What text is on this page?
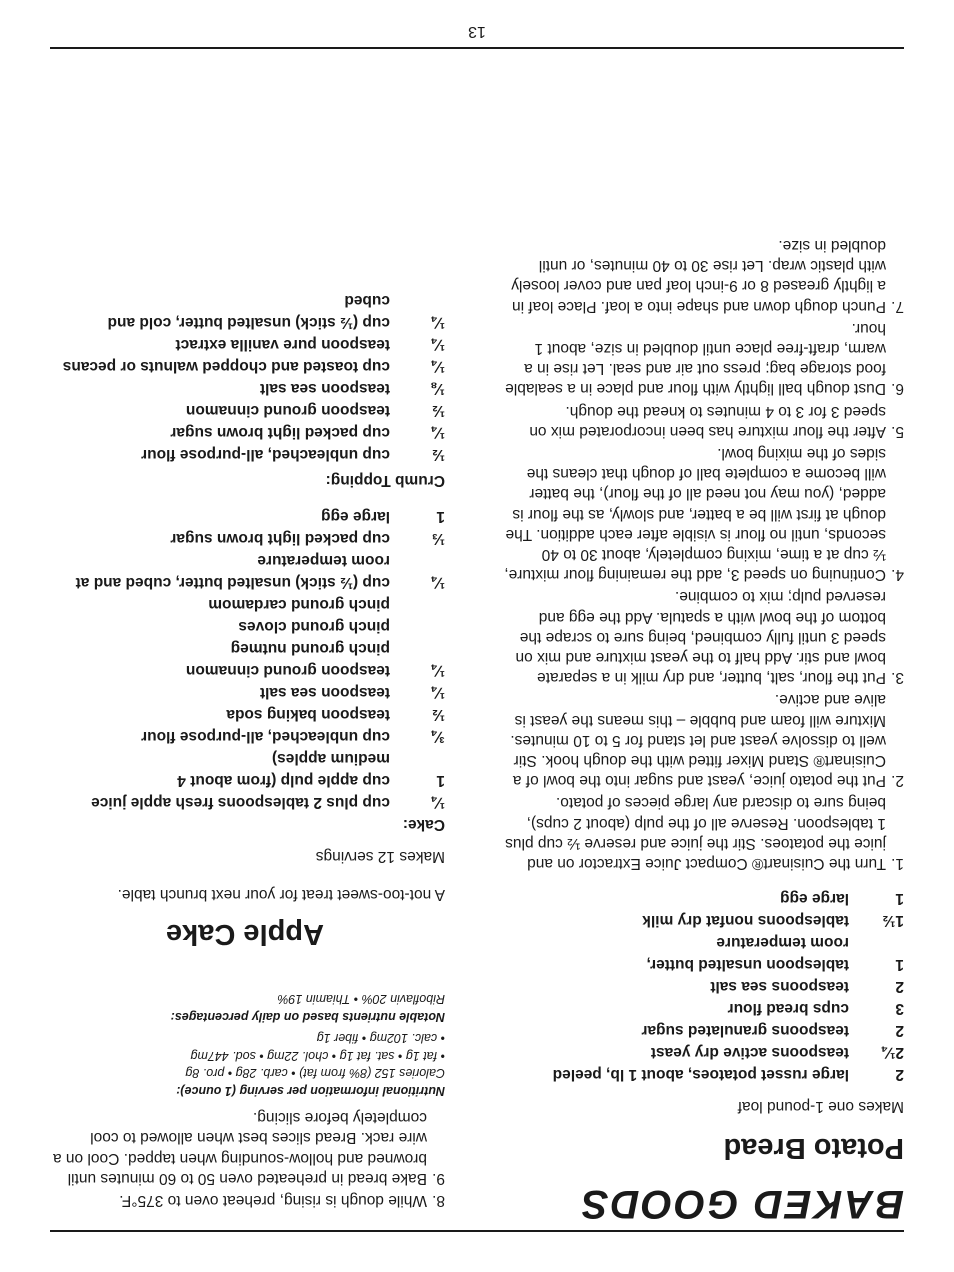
BAKED GOODS
Potato Bread

Makes one 1-pound loaf

2
large russet potatoes, about 1 lb, peeled
2¼
teaspoons active dry yeast
2
teaspoons granulated sugar
3
cups bread flour
2
teaspoons sea salt
1
tablespoon unsalted butter, room temperature
1½
tablespoons nonfat dry milk
1
large egg
1.
Turn the Cuisinart® Compact Juice Extractor on and juice the potatoes. Stir the juice and reserve ½ cup plus 1 tablespoon. Reserve all of the pulp (about 2 cups), being sure to discard any large pieces of potato.
2.
Put the potato juice, yeast and sugar into the bowl of a Cuisinart® Stand Mixer fitted with the dough hook. Stir well to dissolve yeast and let stand for 5 to 10 minutes. Mixture will foam and bubble – this means the yeast is alive and active.
3.
Put the flour, salt, butter, and dry milk in a separate bowl and stir. Add half to the yeast mixture and mix on speed 3 until fully combined, being sure to scrape the bottom of the bowl with a spatula. Add the egg and reserved pulp; mix to combine.
4.
Continuing on speed 3, add the remaining flour mixture, ½ cup at a time, mixing completely, about 30 to 40 seconds, until no flour is visible after each addition. The dough at first will be a batter, and slowly, as the flour is added, (you may not need all of the flour), the batter will become a complete ball of dough that cleans the sides of the mixing bowl.
5.
After the flour mixture has been incorporated mix on speed 3 for 3 to 4 minutes to knead the dough.
6.
Dust dough ball lightly with flour and place in a sealable food storage bag; press out air and seal. Let rise in a warm, draft-free place until doubled in size, about 1 hour.
7.
Punch dough down and shape into a loaf. Place loaf in a lightly greased 8 or 9-inch loaf pan and cover loosely with plastic wrap. Let rise 30 to 40 minutes, or until doubled in size.
8.
While dough is rising, preheat oven to 375°F.
9.
Bake bread in preheated oven 50 to 60 minutes until browned and hollow-sounding when tapped. Cool on a wire rack. Bread slices best when allowed to cool completely before slicing.

Nutritional information per serving (1 ounce):

Calories 152 (8% from fat) • carb. 28g • pro. 8g

• fat 1g • sat. fat 1g • chol. 22mg • sod. 447mg

• calc. 102mg • fiber 1g

Notable nutrients based on daily percentages:

Riboflavin 20% • Thiamin 19%

Apple Cake

A not-too-sweet treat for your next brunch table.

Makes 12 servings

Cake:

¼
cup plus 2 tablespoons fresh apple juice
1
cup apple pulp (from about 4 medium apples)
¾
cup unbleached, all-purpose flour
½
teaspoon baking soda
¼
teaspoon sea salt
¼
teaspoon ground cinnamon
pinch ground nutmeg
pinch ground cloves
pinch ground cardamom
¼
cup (½ stick) unsalted butter, cubed and at room temperature
⅓
cup packed light brown sugar
1
large egg

Crumb Topping:

½
cup unbleached, all-purpose flour
¼
cup packed light brown sugar
½
teaspoon ground cinnamon
⅛
teaspoon sea salt
¼
cup toasted and chopped walnuts or pecans
¼
teaspoon pure vanilla extract
¼
cup (½ stick) unsalted butter, cold and cubed
13
